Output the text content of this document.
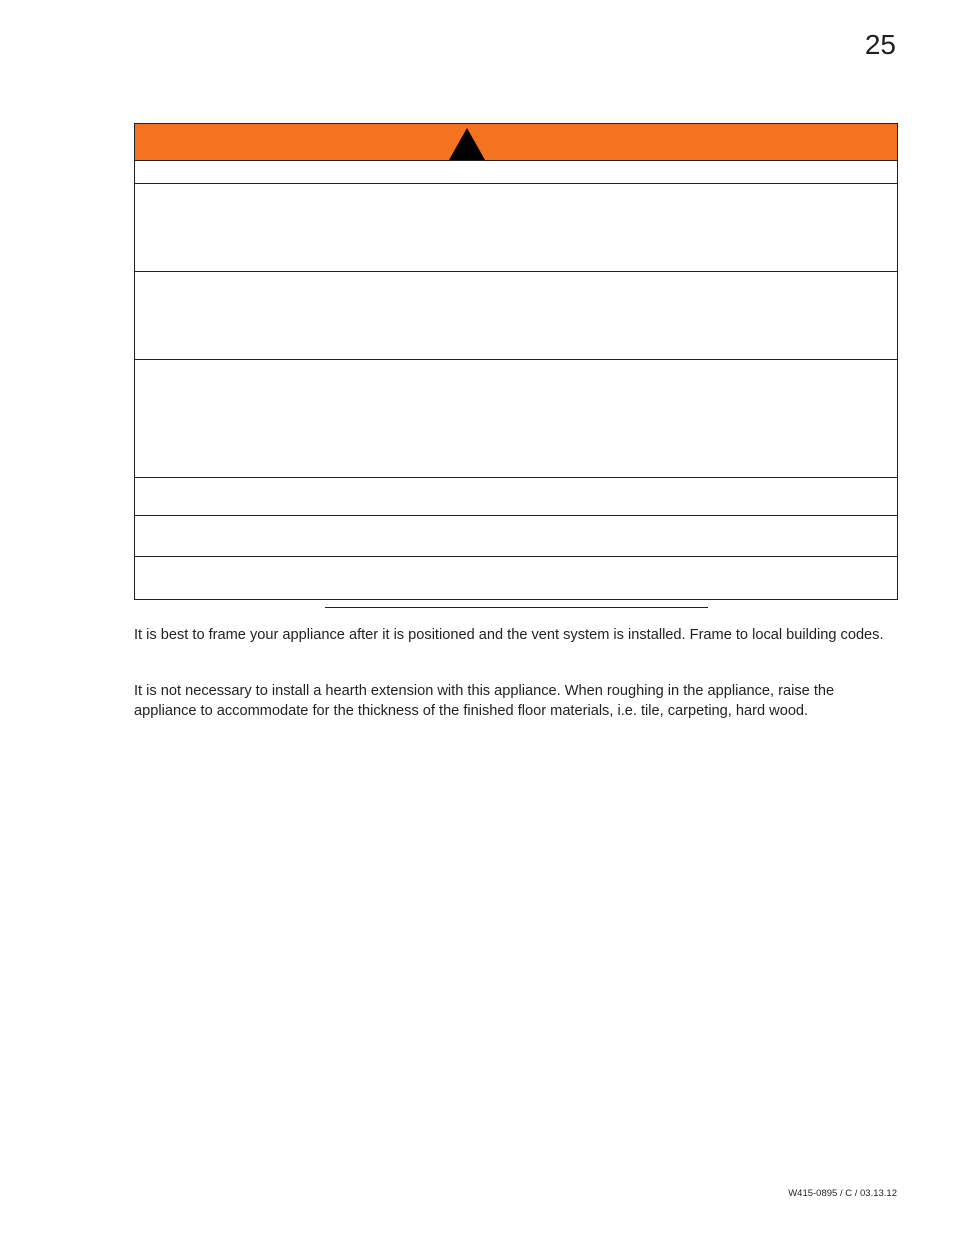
25

It is best to frame your appliance after it is positioned and the vent system is installed. Frame to local building codes.

It is not necessary to install a hearth extension with this appliance. When roughing in the appliance, raise the appliance to accommodate for the thickness of the finished floor materials, i.e. tile, carpeting, hard wood.

W415-0895 / C / 03.13.12
